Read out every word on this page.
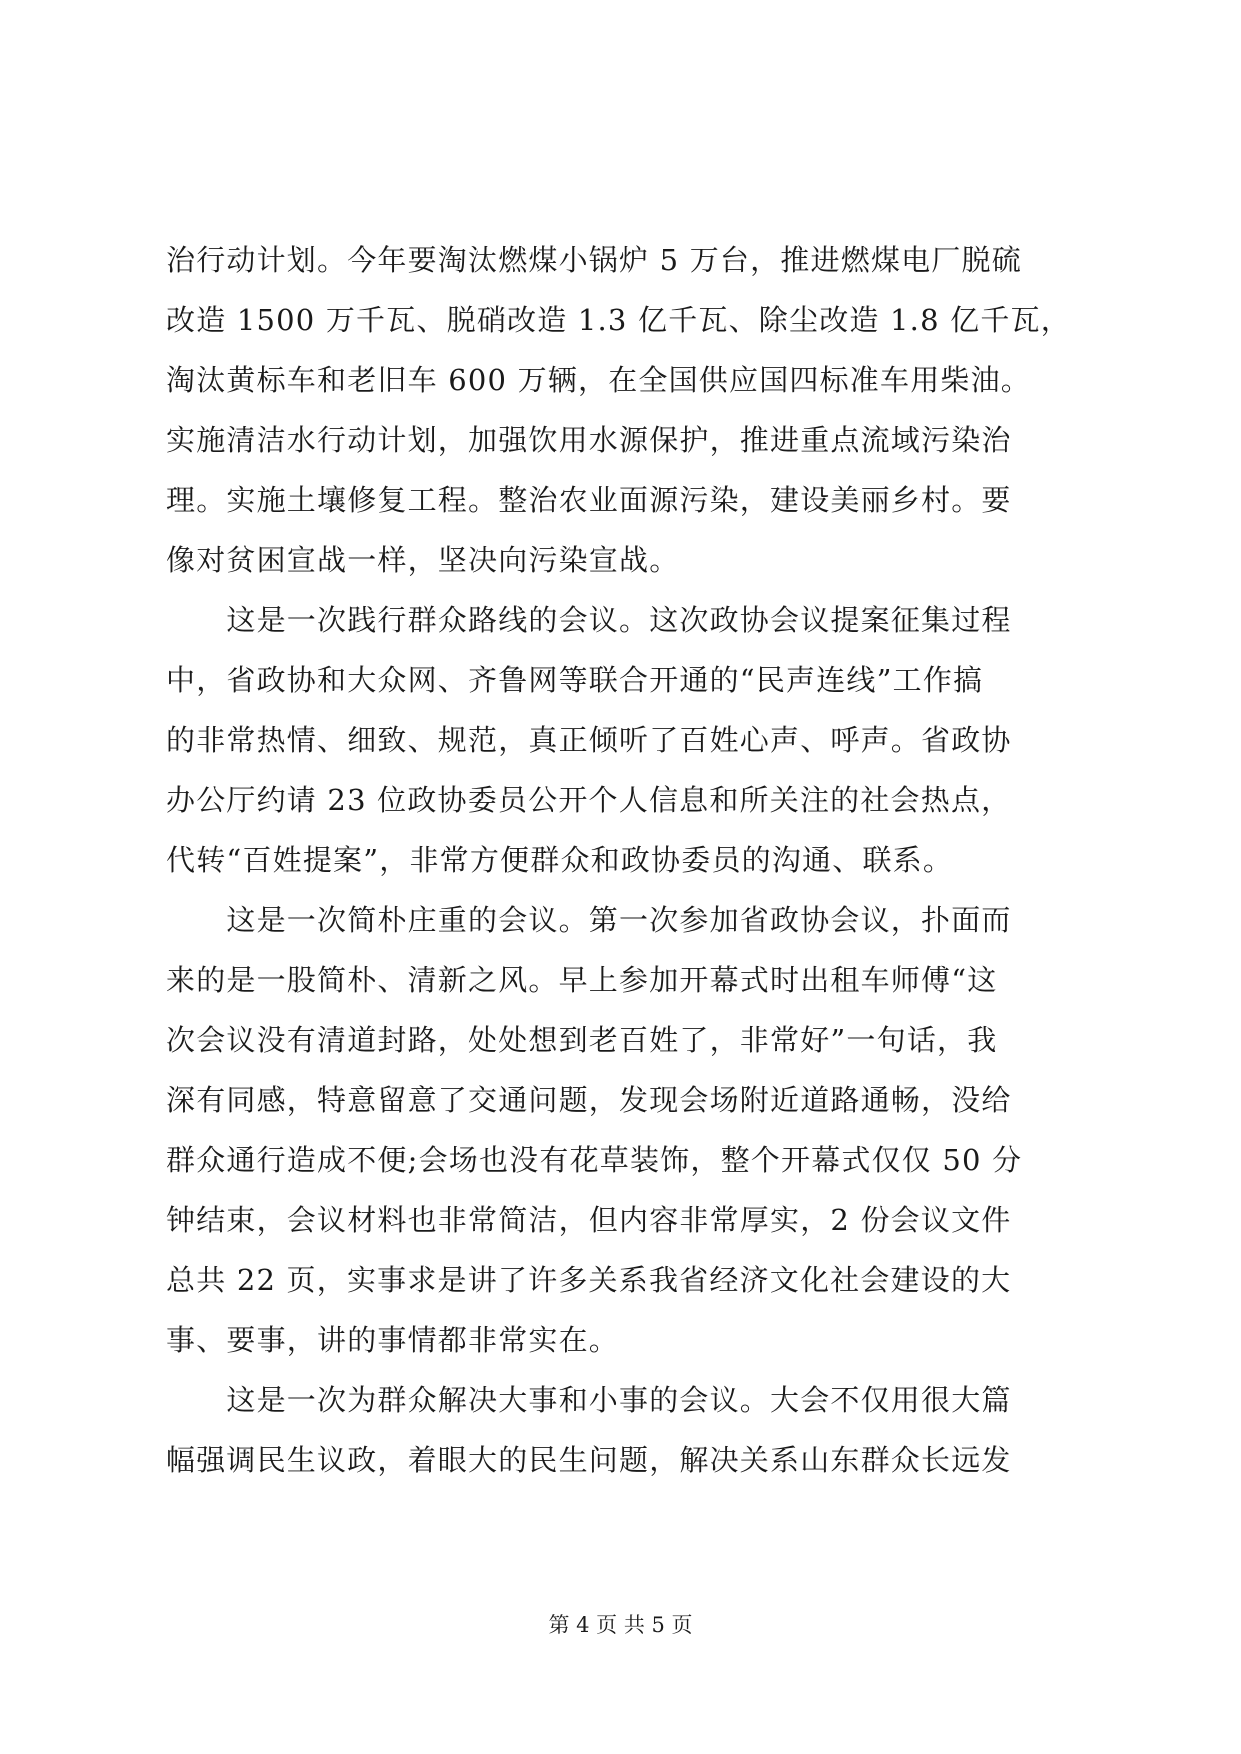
治行动计划。今年要淘汰燃煤小锅炉 5 万台，推进燃煤电厂脱硫
改造 1500 万千瓦、脱硝改造 1.3 亿千瓦、除尘改造 1.8 亿千瓦，
淘汰黄标车和老旧车 600 万辆，在全国供应国四标准车用柴油。
实施清洁水行动计划，加强饮用水源保护，推进重点流域污染治
理。实施土壤修复工程。整治农业面源污染，建设美丽乡村。要
像对贫困宣战一样，坚决向污染宣战。
　　这是一次践行群众路线的会议。这次政协会议提案征集过程
中，省政协和大众网、齐鲁网等联合开通的“民声连线”工作搞
的非常热情、细致、规范，真正倾听了百姓心声、呼声。省政协
办公厅约请 23 位政协委员公开个人信息和所关注的社会热点，
代转“百姓提案”，非常方便群众和政协委员的沟通、联系。
　　这是一次简朴庄重的会议。第一次参加省政协会议，扑面而
来的是一股简朴、清新之风。早上参加开幕式时出租车师傅“这
次会议没有清道封路，处处想到老百姓了，非常好”一句话，我
深有同感，特意留意了交通问题，发现会场附近道路通畅，没给
群众通行造成不便;会场也没有花草装饰，整个开幕式仅仅 50 分
钟结束，会议材料也非常简洁，但内容非常厚实，2 份会议文件
总共 22 页，实事求是讲了许多关系我省经济文化社会建设的大
事、要事，讲的事情都非常实在。
　　这是一次为群众解决大事和小事的会议。大会不仅用很大篇
幅强调民生议政，着眼大的民生问题，解决关系山东群众长远发
第 4 页 共 5 页
